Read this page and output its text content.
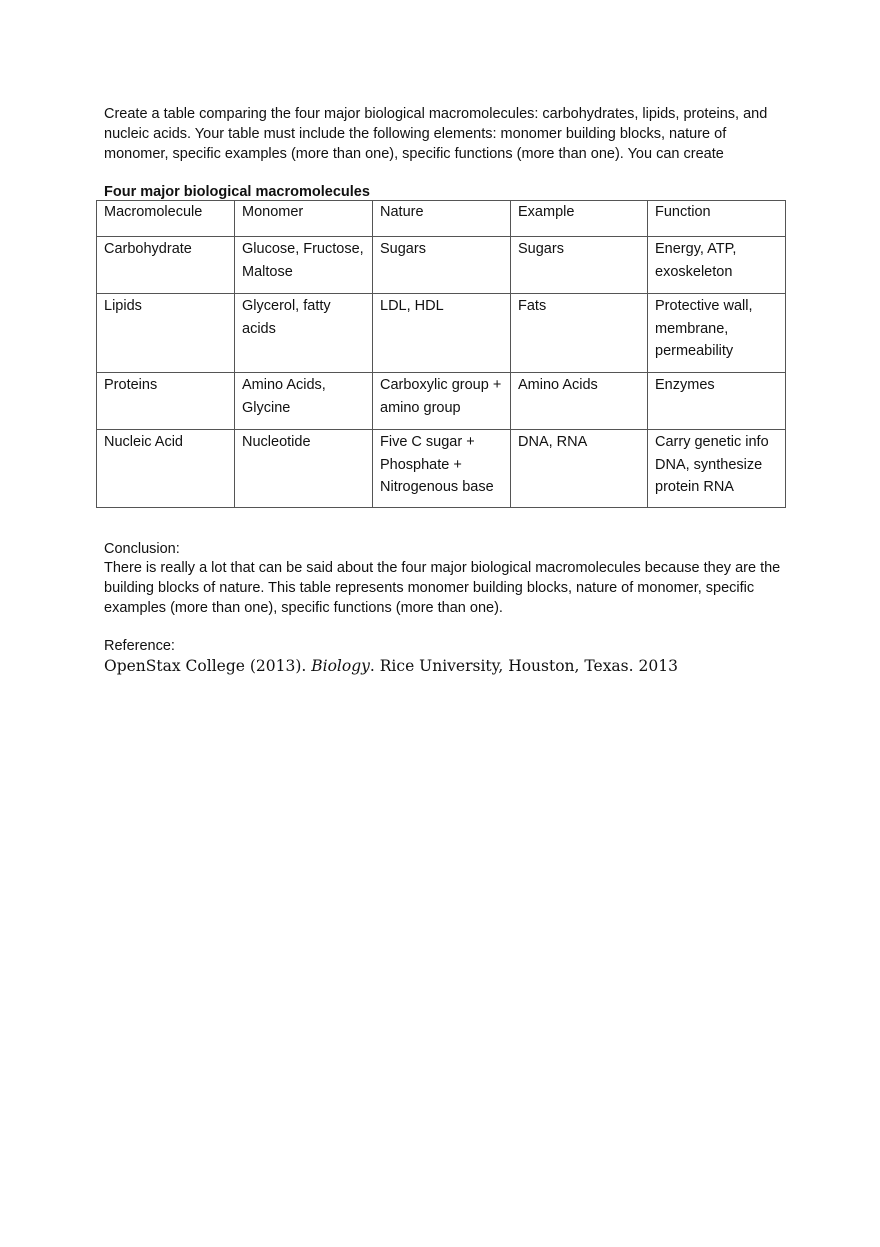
Create a table comparing the four major biological macromolecules: carbohydrates, lipids, proteins, and nucleic acids. Your table must include the following elements: monomer building blocks, nature of monomer, specific examples (more than one), specific functions (more than one). You can create

Four major biological macromolecules

Macromolecule	Monomer	Nature	Example	Function
Carbohydrate	Glucose, Fructose, Maltose	Sugars	Sugars	Energy, ATP, exoskeleton
Lipids	Glycerol, fatty acids	LDL, HDL	Fats	Protective wall, membrane, permeability
Proteins	Amino Acids, Glycine	Carboxylic group + amino group	Amino Acids	Enzymes
Nucleic Acid	Nucleotide	Five C sugar + Phosphate + Nitrogenous base	DNA, RNA	Carry genetic info DNA, synthesize protein RNA

Conclusion:

There is really a lot that can be said about the four major biological macromolecules because they are the building blocks of nature. This table represents monomer building blocks, nature of monomer, specific examples (more than one), specific functions (more than one).

Reference:

OpenStax College (2013). Biology. Rice University, Houston, Texas. 2013
